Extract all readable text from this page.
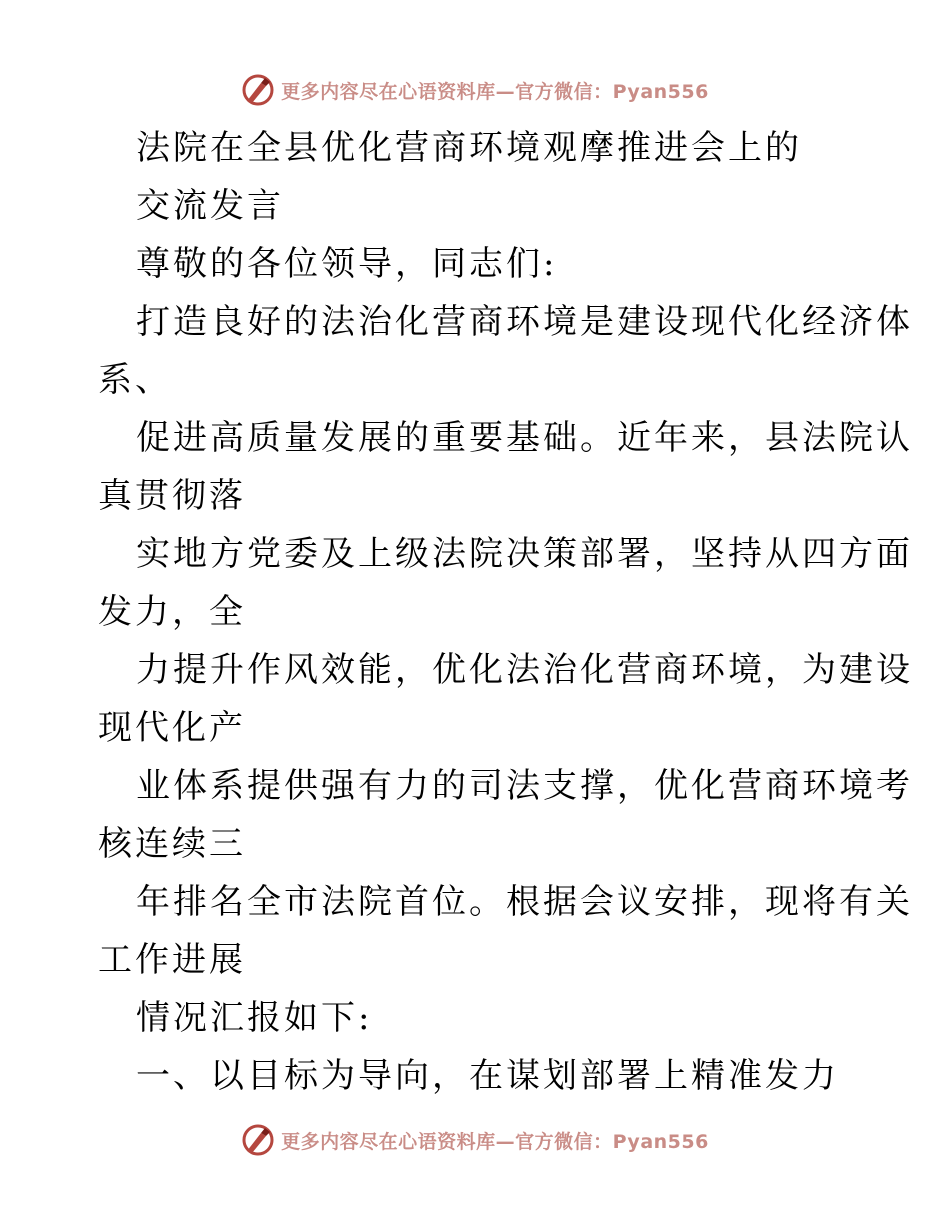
更多内容尽在心语资料库—官方微信：Pyan556
法院在全县优化营商环境观摩推进会上的
交流发言
尊敬的各位领导，同志们:
打造良好的法治化营商环境是建设现代化经济体
系、
促进高质量发展的重要基础。近年来，县法院认
真贯彻落
实地方党委及上级法院决策部署，坚持从四方面
发力，全
力提升作风效能，优化法治化营商环境，为建设
现代化产
业体系提供强有力的司法支撑，优化营商环境考
核连续三
年排名全市法院首位。根据会议安排，现将有关
工作进展
情况汇报如下:
一、以目标为导向，在谋划部署上精准发力
更多内容尽在心语资料库—官方微信：Pyan556
